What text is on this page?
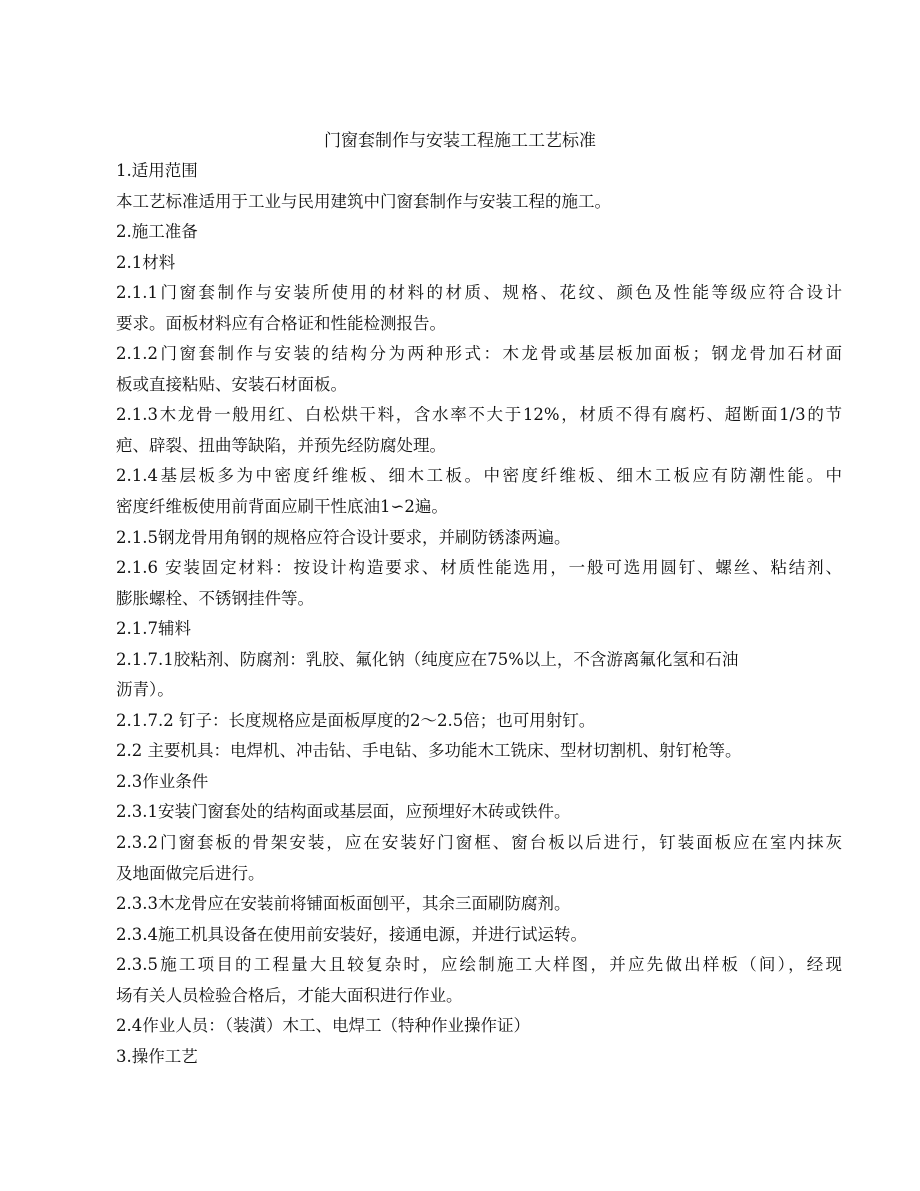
门窗套制作与安装工程施工工艺标准
1.适用范围
本工艺标准适用于工业与民用建筑中门窗套制作与安装工程的施工。
2.施工准备
2.1材料
2.1.1门窗套制作与安装所使用的材料的材质、规格、花纹、颜色及性能等级应符合设计
要求。面板材料应有合格证和性能检测报告。
2.1.2门窗套制作与安装的结构分为两种形式：木龙骨或基层板加面板；钢龙骨加石材面
板或直接粘贴、安装石材面板。
2.1.3木龙骨一般用红、白松烘干料，含水率不大于12%，材质不得有腐朽、超断面1/3的节
疤、辟裂、扭曲等缺陷，并预先经防腐处理。
2.1.4基层板多为中密度纤维板、细木工板。中密度纤维板、细木工板应有防潮性能。中
密度纤维板使用前背面应刷干性底油1∽2遍。
2.1.5钢龙骨用角钢的规格应符合设计要求，并刷防锈漆两遍。
2.1.6 安装固定材料：按设计构造要求、材质性能选用，一般可选用圆钉、螺丝、粘结剂、
膨胀螺栓、不锈钢挂件等。
2.1.7辅料
2.1.7.1胶粘剂、防腐剂：乳胶、氟化钠（纯度应在75%以上，不含游离氟化氢和石油
沥青）。
2.1.7.2 钉子：长度规格应是面板厚度的2～2.5倍；也可用射钉。
2.2 主要机具：电焊机、冲击钻、手电钻、多功能木工铣床、型材切割机、射钉枪等。
2.3作业条件
2.3.1安装门窗套处的结构面或基层面，应预埋好木砖或铁件。
2.3.2门窗套板的骨架安装，应在安装好门窗框、窗台板以后进行，钉装面板应在室内抹灰
及地面做完后进行。
2.3.3木龙骨应在安装前将铺面板面刨平，其余三面刷防腐剂。
2.3.4施工机具设备在使用前安装好，接通电源，并进行试运转。
2.3.5施工项目的工程量大且较复杂时，应绘制施工大样图，并应先做出样板（间），经现
场有关人员检验合格后，才能大面积进行作业。
2.4作业人员：（装潢）木工、电焊工（特种作业操作证）
3.操作工艺
